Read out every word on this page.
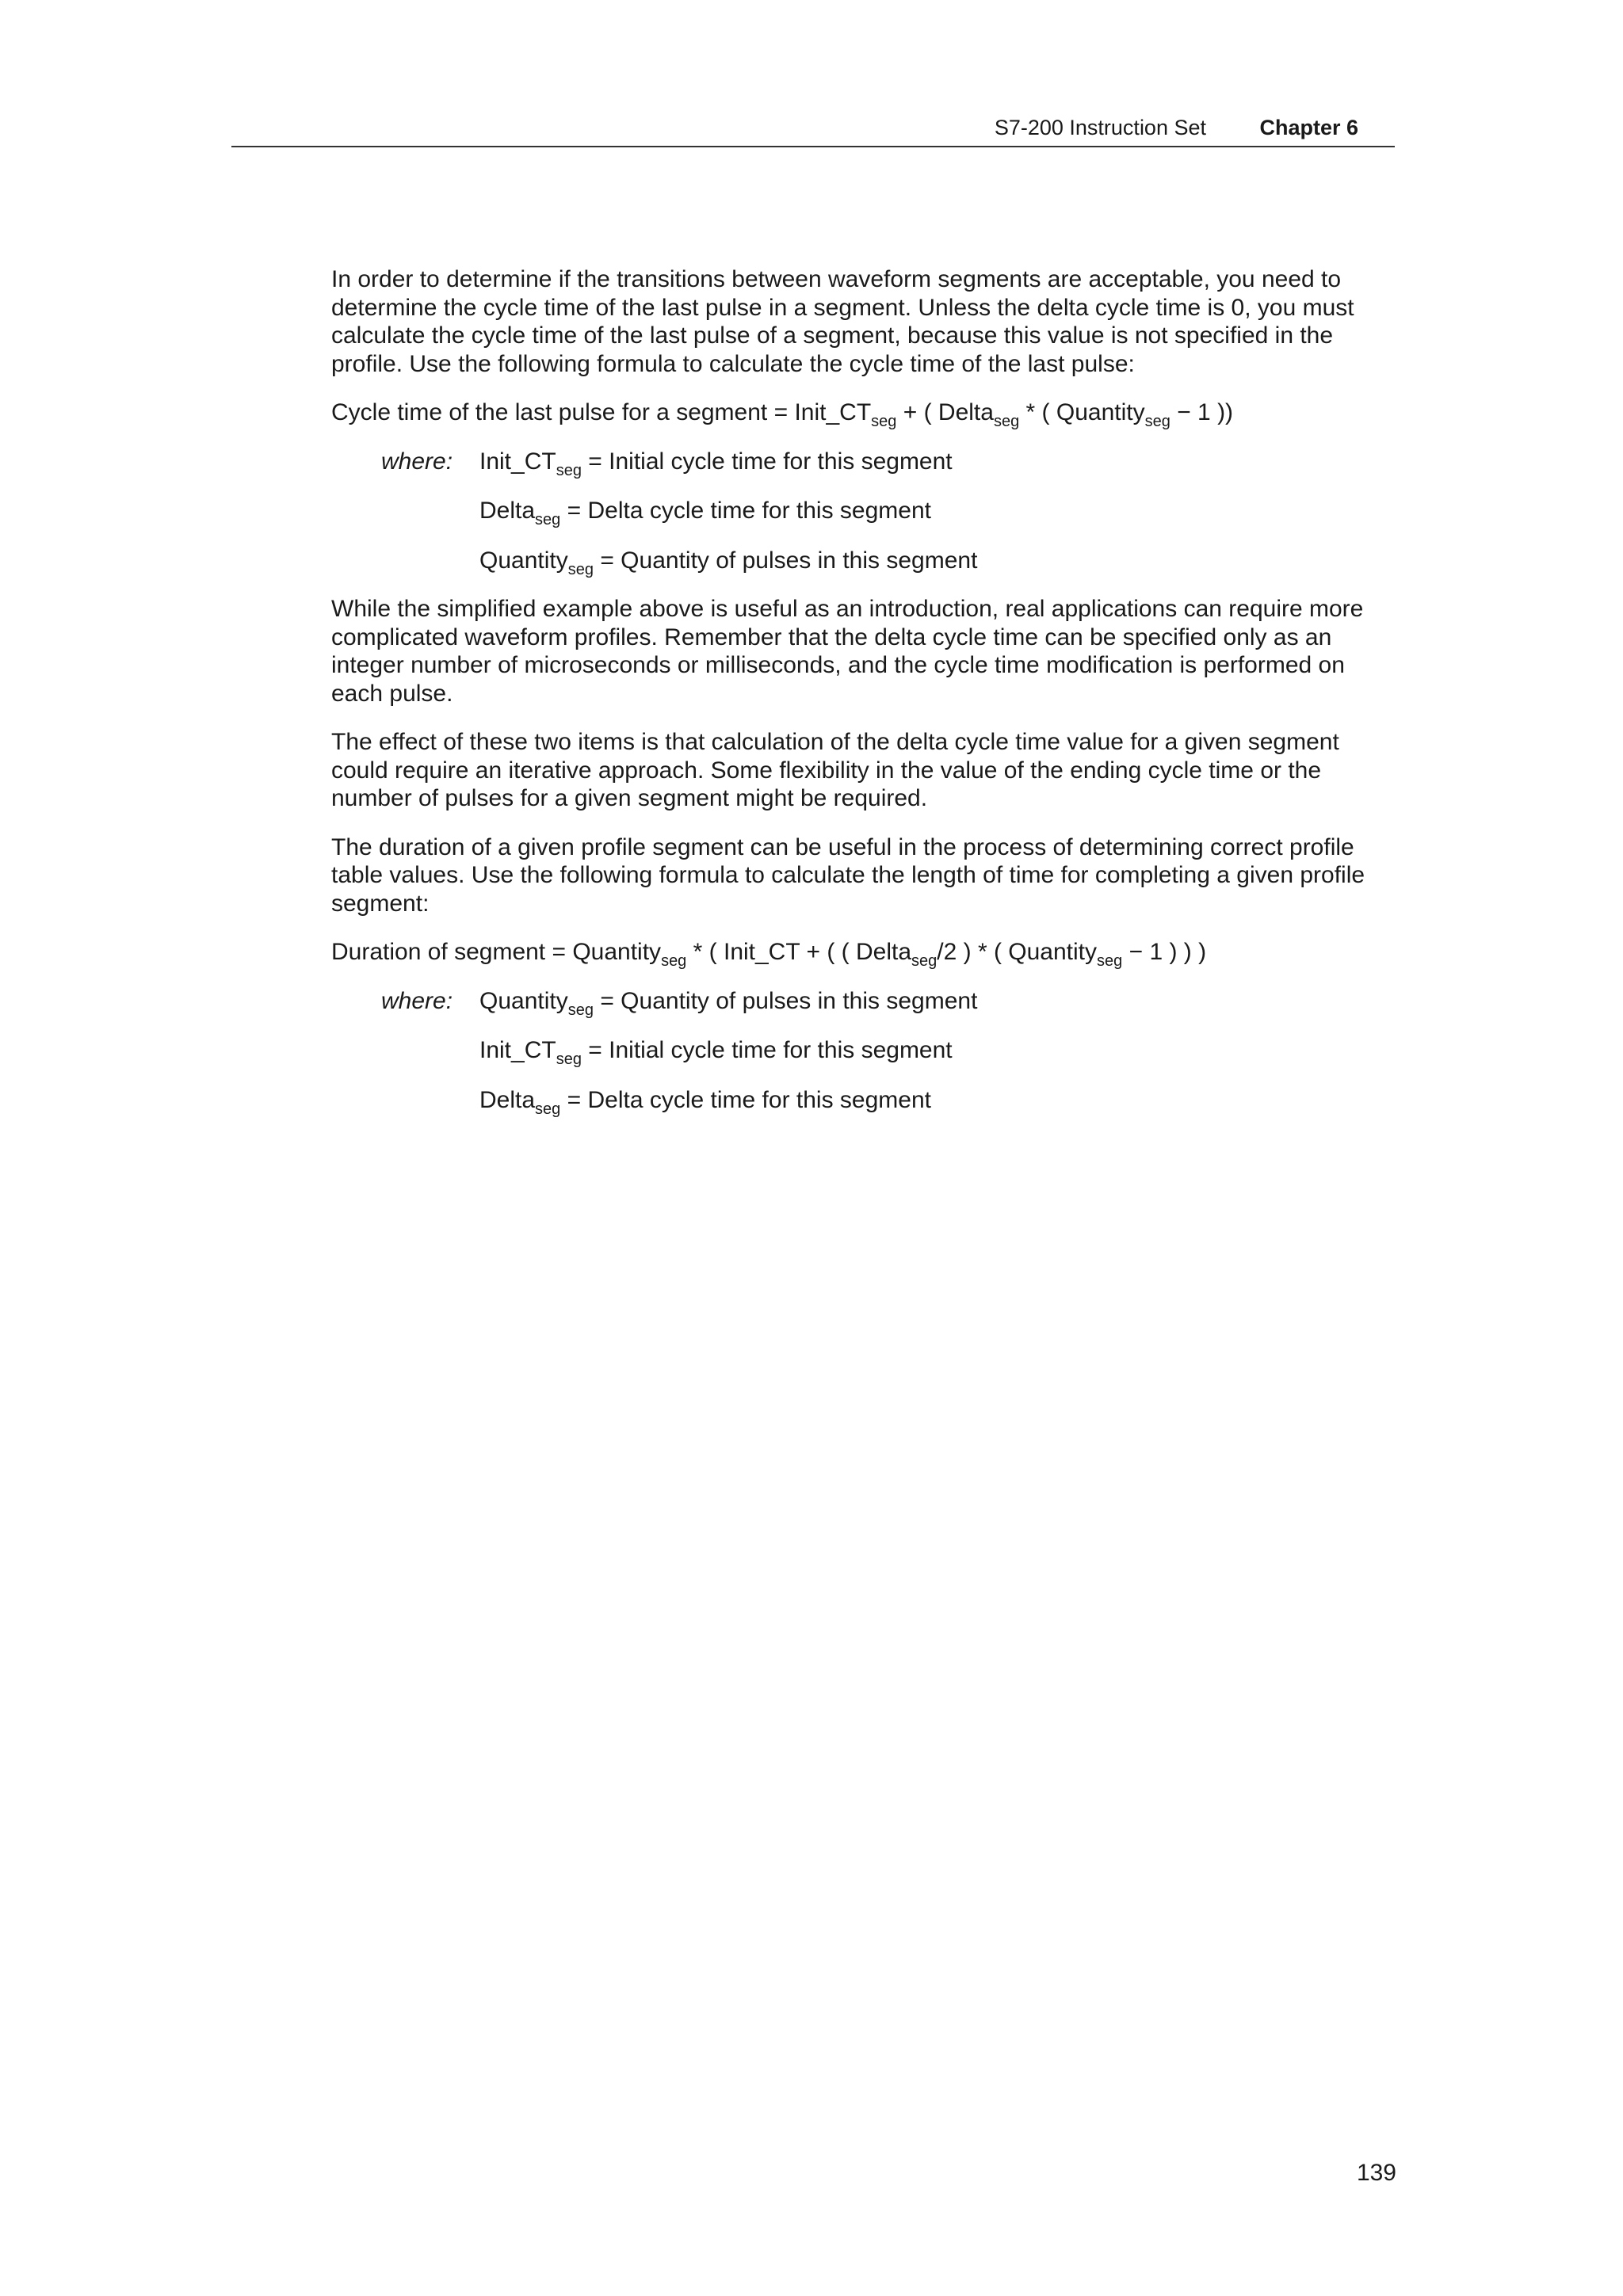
S7-200 Instruction Set Chapter 6

In order to determine if the transitions between waveform segments are acceptable, you need to determine the cycle time of the last pulse in a segment. Unless the delta cycle time is 0, you must calculate the cycle time of the last pulse of a segment, because this value is not specified in the profile. Use the following formula to calculate the cycle time of the last pulse:

Cycle time of the last pulse for a segment = $Init\_CT_{seg}$ + ( Delta$_{seg}$ * ( Quantity$_{seg}$ − 1 ))
where: $Init\_CT_{seg}$ = Initial cycle time for this segment
Delta$_{seg}$ = Delta cycle time for this segment
Quantity$_{seg}$ = Quantity of pulses in this segment

While the simplified example above is useful as an introduction, real applications can require more complicated waveform profiles. Remember that the delta cycle time can be specified only as an integer number of microseconds or milliseconds, and the cycle time modification is performed on each pulse.

The effect of these two items is that calculation of the delta cycle time value for a given segment could require an iterative approach. Some flexibility in the value of the ending cycle time or the number of pulses for a given segment might be required.

The duration of a given profile segment can be useful in the process of determining correct profile table values. Use the following formula to calculate the length of time for completing a given profile segment:

Duration of segment = Quantity$_{seg}$ * ( Init_CT + ( ( Delta$_{seg}$/2 ) * ( Quantity$_{seg}$ − 1 ) ) )
where: Quantity$_{seg}$ = Quantity of pulses in this segment
$Init\_CT_{seg}$ = Initial cycle time for this segment
Delta$_{seg}$ = Delta cycle time for this segment
139
